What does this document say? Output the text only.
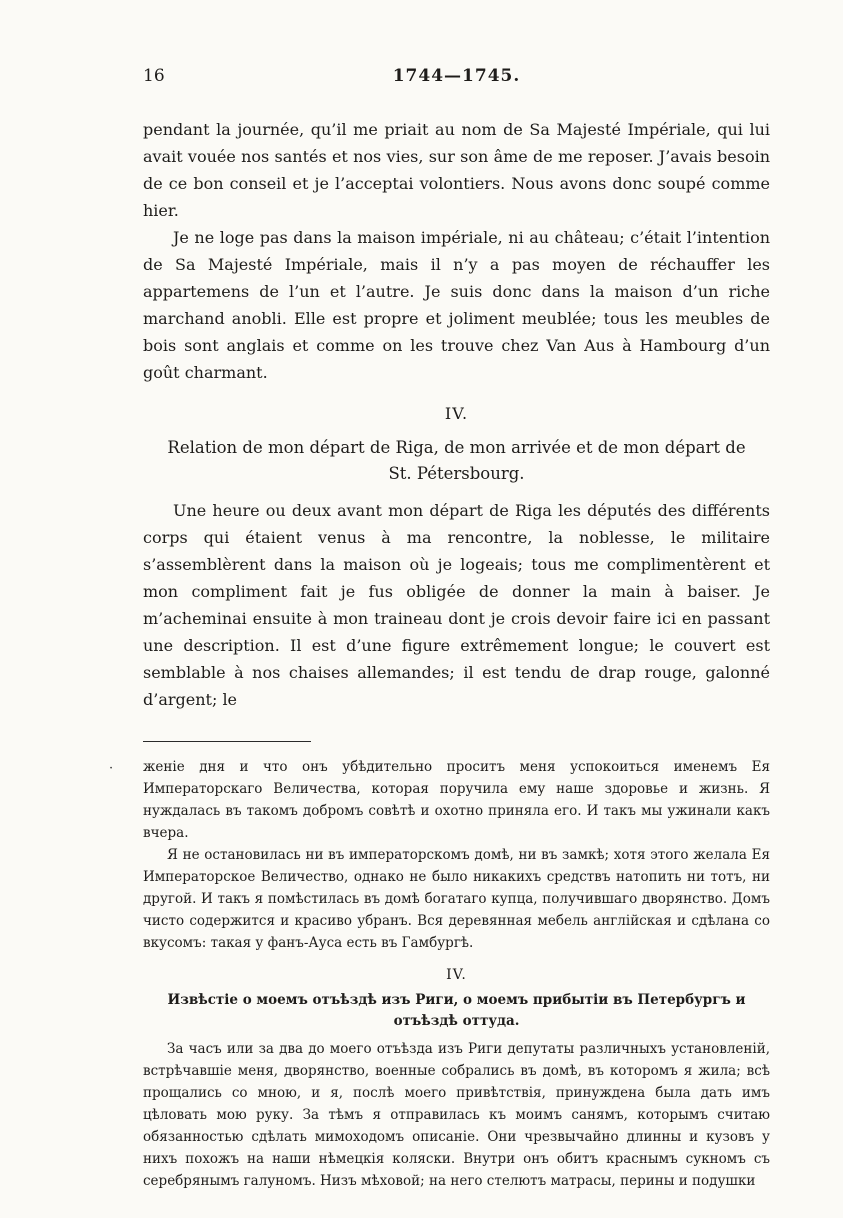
16	1744—1745.

pendant la journée, qu’il me priait au nom de Sa Majesté Impériale, qui lui avait vouée nos santés et nos vies, sur son âme de me reposer. J’avais besoin de ce bon conseil et je l’acceptai volontiers. Nous avons donc soupé comme hier.

Je ne loge pas dans la maison impériale, ni au château; c’était l’intention de Sa Majesté Impériale, mais il n’y a pas moyen de réchauffer les appartemens de l’un et l’autre. Je suis donc dans la maison d’un riche marchand anobli. Elle est propre et joliment meublée; tous les meubles de bois sont anglais et comme on les trouve chez Van Aus à Hambourg d’un goût charmant.

IV.
Relation de mon départ de Riga, de mon arrivée et de mon départ de St. Pétersbourg.

Une heure ou deux avant mon départ de Riga les députés des différents corps qui étaient venus à ma rencontre, la noblesse, le militaire s’assemblèrent dans la maison où je logeais; tous me complimentèrent et mon compliment fait je fus obligée de donner la main à baiser. Je m’acheminai ensuite à mon traineau dont je crois devoir faire ici en passant une description. Il est d’une figure extrêmement longue; le couvert est semblable à nos chaises allemandes; il est tendu de drap rouge, galonné d’argent; le

· женіе дня и что онъ убѣдительно проситъ меня успокоиться именемъ Ея Императорскаго Величества, которая поручила ему наше здоровье и жизнь. Я нуждалась въ такомъ добромъ совѣтѣ и охотно приняла его. И такъ мы ужинали какъ вчера.

Я не остановилась ни въ императорскомъ домѣ, ни въ замкѣ; хотя этого желала Ея Императорское Величество, однако не было никакихъ средствъ натопить ни тотъ, ни другой. И такъ я помѣстилась въ домѣ богатаго купца, получившаго дворянство. Домъ чисто содержится и красиво убранъ. Вся деревянная мебель англійская и сдѣлана со вкусомъ: такая у фанъ-Ауса есть въ Гамбургѣ.

IV.
Извѣстіе о моемъ отъѣздѣ изъ Риги, о моемъ прибытіи въ Петербургъ и отъѣздѣ оттуда.

За часъ или за два до моего отъѣзда изъ Риги депутаты различныхъ установленій, встрѣчавшіе меня, дворянство, военные собрались въ домѣ, въ которомъ я жила; всѣ прощались со мною, и я, послѣ моего привѣтствія, принуждена была дать имъ цѣловать мою руку. За тѣмъ я отправилась къ моимъ санямъ, которымъ считаю обязанностью сдѣлать мимоходомъ описаніе. Они чрезвычайно длинны и кузовъ у нихъ похожъ на наши нѣмецкія коляски. Внутри онъ обитъ краснымъ сукномъ съ серебрянымъ галуномъ. Низъ мѣховой; на него стелютъ матрасы, перины и подушки
